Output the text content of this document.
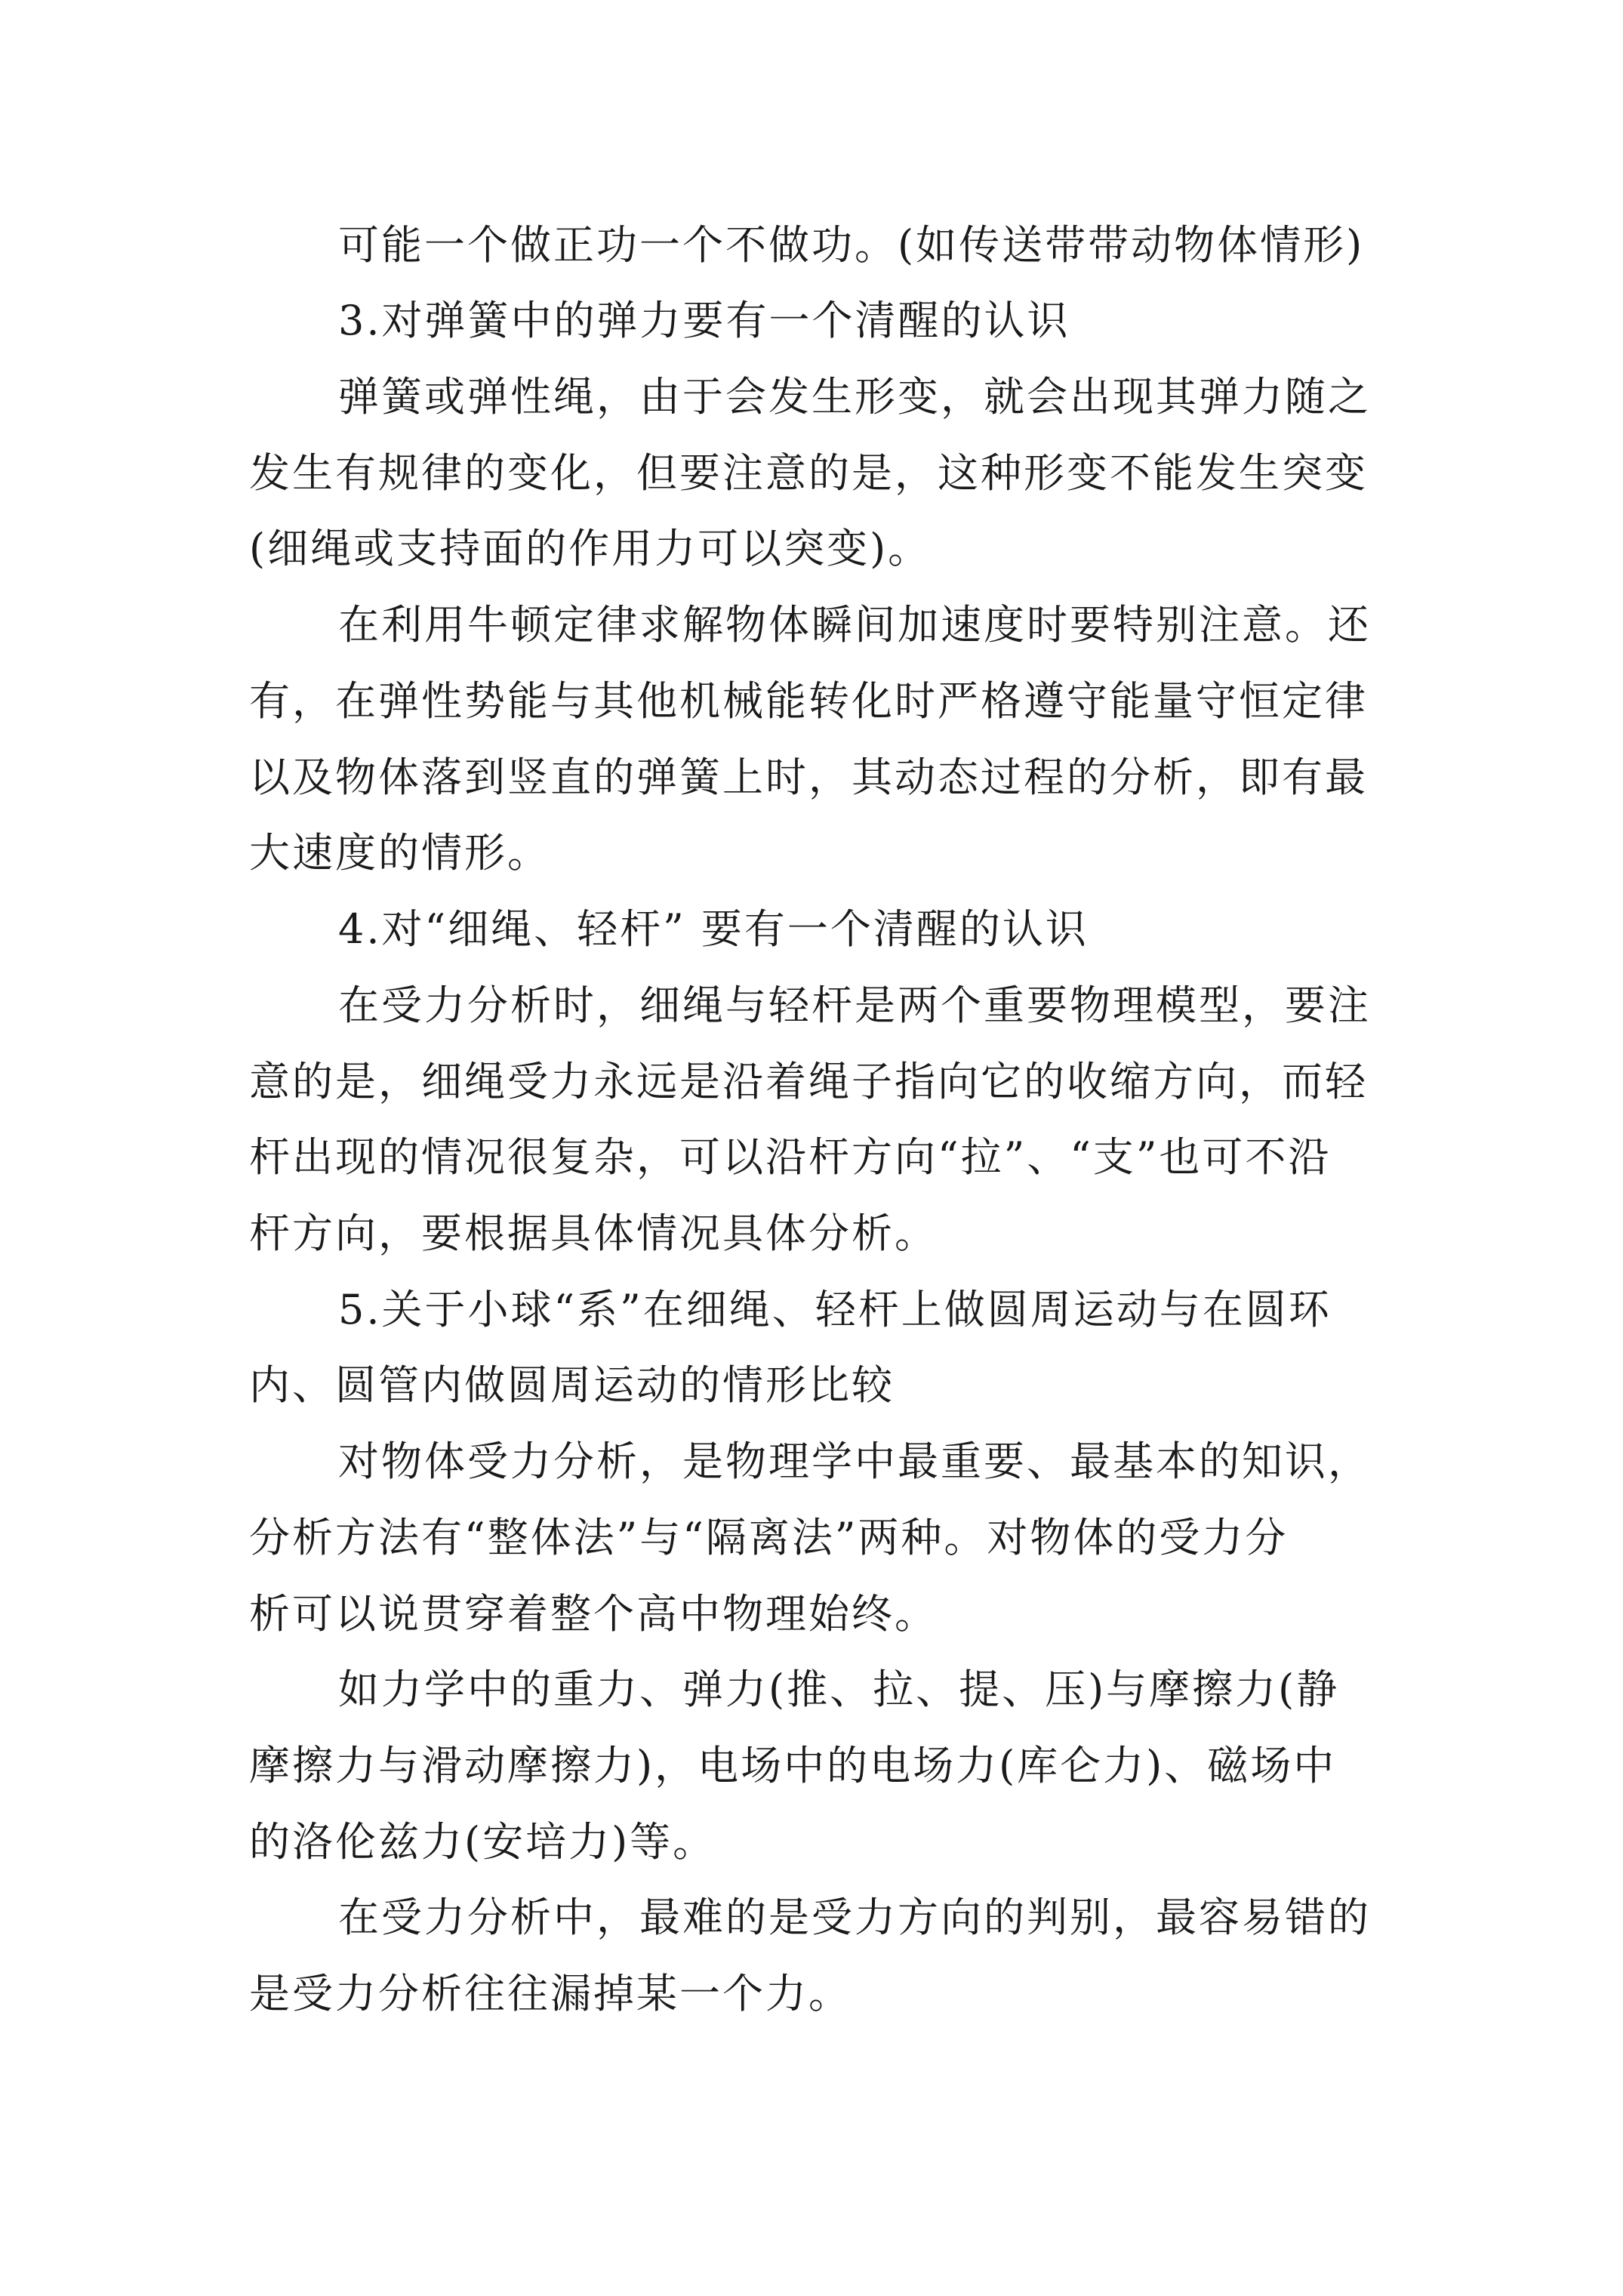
可能一个做正功一个不做功。(如传送带带动物体情形)
3.对弹簧中的弹力要有一个清醒的认识
弹簧或弹性绳，由于会发生形变，就会出现其弹力随之
发生有规律的变化，但要注意的是，这种形变不能发生突变
(细绳或支持面的作用力可以突变)。
在利用牛顿定律求解物体瞬间加速度时要特别注意。还
有，在弹性势能与其他机械能转化时严格遵守能量守恒定律
以及物体落到竖直的弹簧上时，其动态过程的分析，即有最
大速度的情形。
4.对“细绳、轻杆” 要有一个清醒的认识
在受力分析时，细绳与轻杆是两个重要物理模型，要注
意的是，细绳受力永远是沿着绳子指向它的收缩方向，而轻
杆出现的情况很复杂，可以沿杆方向“拉”、“支”也可不沿
杆方向，要根据具体情况具体分析。
5.关于小球“系”在细绳、轻杆上做圆周运动与在圆环
内、圆管内做圆周运动的情形比较
对物体受力分析，是物理学中最重要、最基本的知识，
分析方法有“整体法”与“隔离法”两种。对物体的受力分
析可以说贯穿着整个高中物理始终。
如力学中的重力、弹力(推、拉、提、压)与摩擦力(静
摩擦力与滑动摩擦力)，电场中的电场力(库仑力)、磁场中
的洛伦兹力(安培力)等。
在受力分析中，最难的是受力方向的判别，最容易错的
是受力分析往往漏掉某一个力。
